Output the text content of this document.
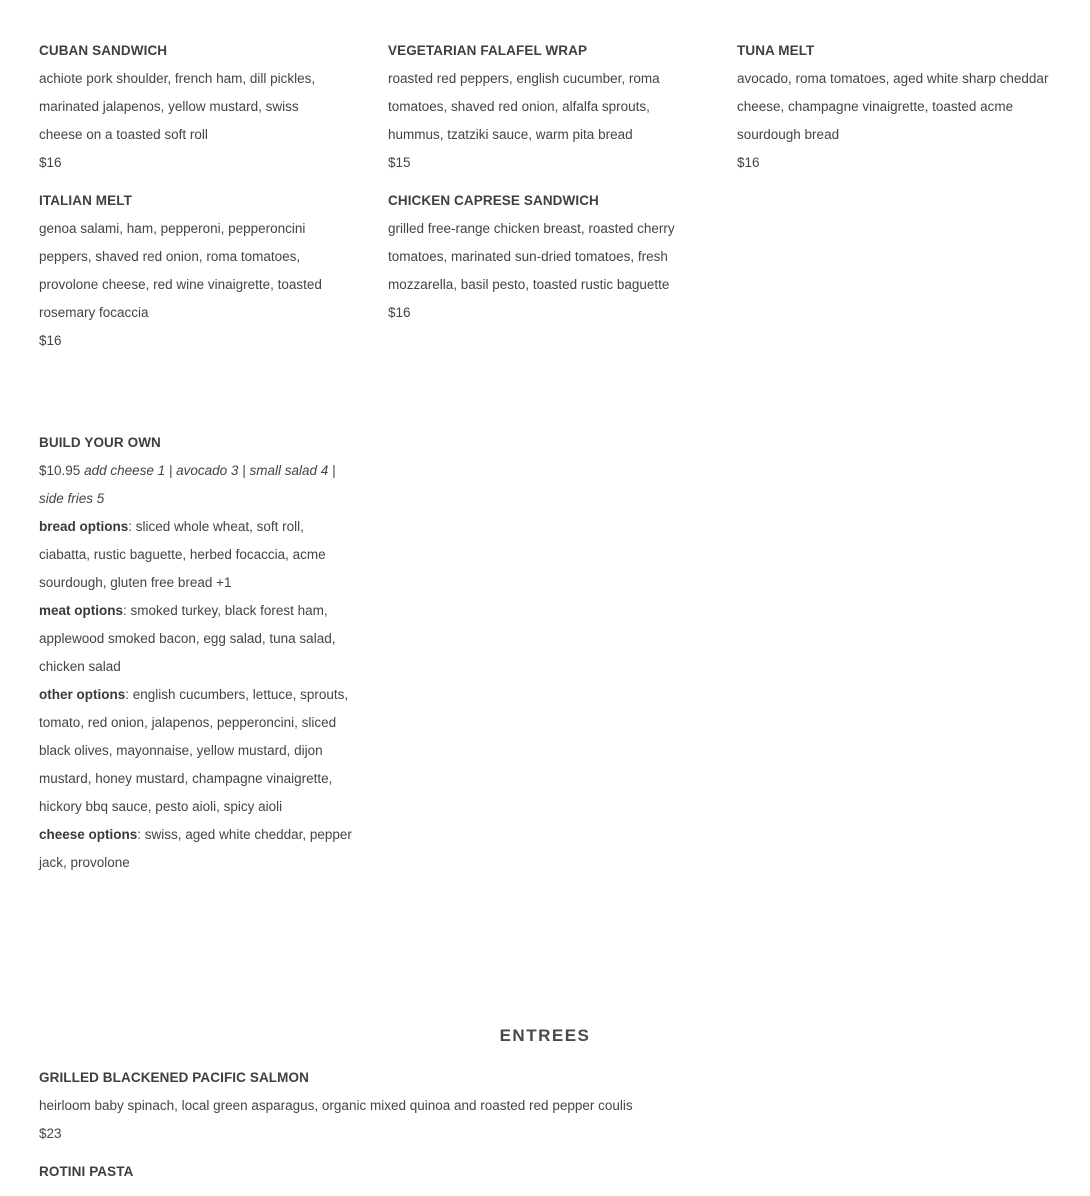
CUBAN SANDWICH
achiote pork shoulder, french ham, dill pickles, marinated jalapenos, yellow mustard, swiss cheese on a toasted soft roll
$16
VEGETARIAN FALAFEL WRAP
roasted red peppers, english cucumber, roma tomatoes, shaved red onion, alfalfa sprouts, hummus, tzatziki sauce, warm pita bread
$15
TUNA MELT
avocado, roma tomatoes, aged white sharp cheddar cheese, champagne vinaigrette, toasted acme sourdough bread
$16
ITALIAN MELT
genoa salami, ham, pepperoni, pepperoncini peppers, shaved red onion, roma tomatoes, provolone cheese, red wine vinaigrette, toasted rosemary focaccia
$16
CHICKEN CAPRESE SANDWICH
grilled free-range chicken breast, roasted cherry tomatoes, marinated sun-dried tomatoes, fresh mozzarella, basil pesto, toasted rustic baguette
$16
BUILD YOUR OWN
$10.95 add cheese 1 | avocado 3 | small salad 4 | side fries 5
bread options: sliced whole wheat, soft roll, ciabatta, rustic baguette, herbed focaccia, acme sourdough, gluten free bread +1
meat options: smoked turkey, black forest ham, applewood smoked bacon, egg salad, tuna salad, chicken salad
other options: english cucumbers, lettuce, sprouts, tomato, red onion, jalapenos, pepperoncini, sliced black olives, mayonnaise, yellow mustard, dijon mustard, honey mustard, champagne vinaigrette, hickory bbq sauce, pesto aioli, spicy aioli
cheese options: swiss, aged white cheddar, pepper jack, provolone
ENTREES
GRILLED BLACKENED PACIFIC SALMON
heirloom baby spinach, local green asparagus, organic mixed quinoa and roasted red pepper coulis
$23
ROTINI PASTA
